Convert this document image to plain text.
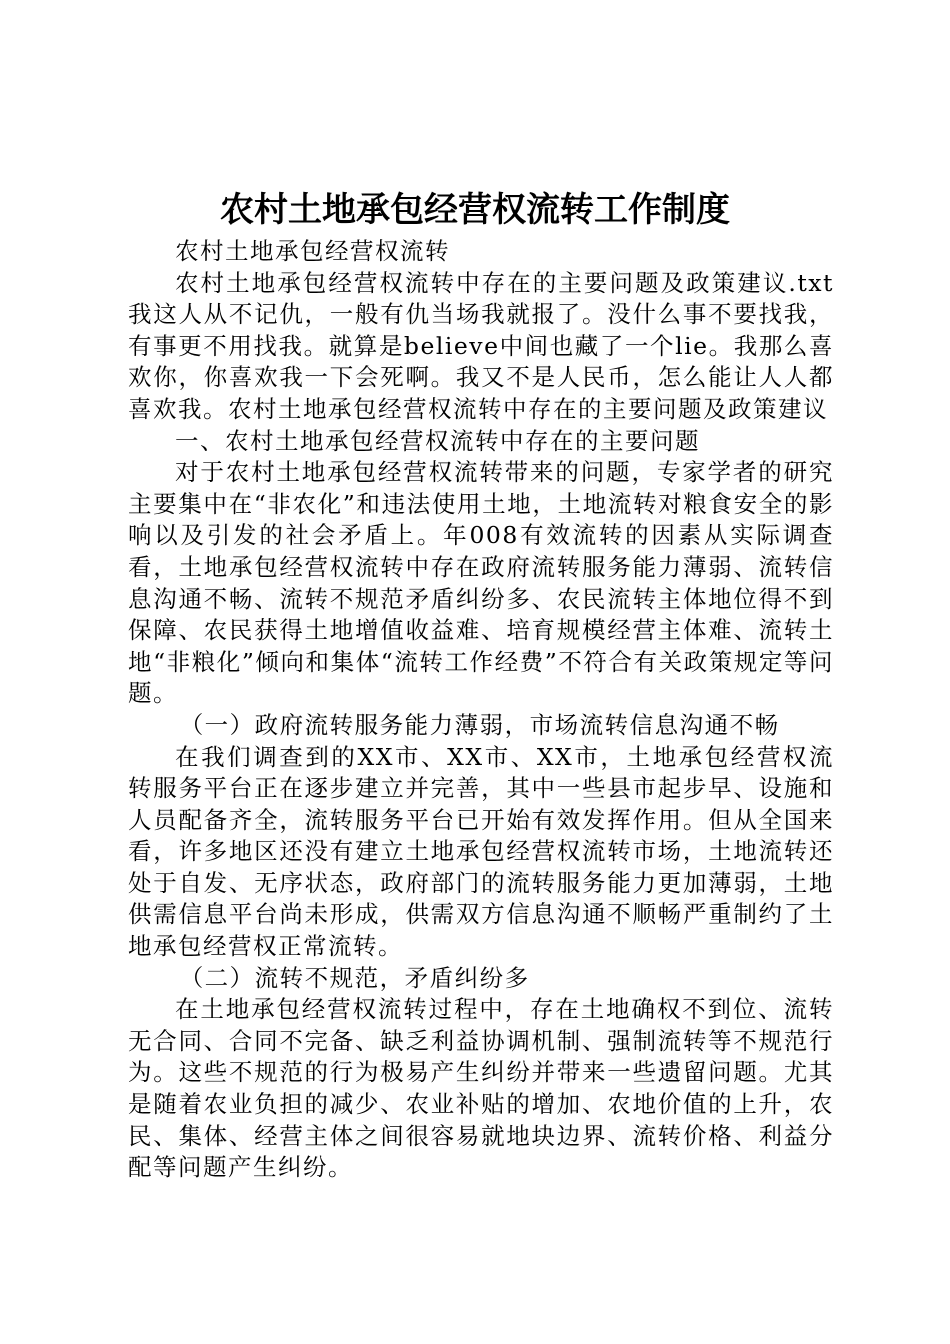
农村土地承包经营权流转工作制度

农村土地承包经营权流转

农村土地承包经营权流转中存在的主要问题及政策建议.txt我这人从不记仇，一般有仇当场我就报了。没什么事不要找我，有事更不用找我。就算是believe中间也藏了一个lie。我那么喜欢你，你喜欢我一下会死啊。我又不是人民币，怎么能让人人都喜欢我。农村土地承包经营权流转中存在的主要问题及政策建议

一、农村土地承包经营权流转中存在的主要问题

对于农村土地承包经营权流转带来的问题，专家学者的研究主要集中在“非农化”和违法使用土地，土地流转对粮食安全的影响以及引发的社会矛盾上。年008有效流转的因素从实际调查看，土地承包经营权流转中存在政府流转服务能力薄弱、流转信息沟通不畅、流转不规范矛盾纠纷多、农民流转主体地位得不到保障、农民获得土地增值收益难、培育规模经营主体难、流转土地“非粮化”倾向和集体“流转工作经费”不符合有关政策规定等问题。

（一）政府流转服务能力薄弱，市场流转信息沟通不畅

在我们调查到的XX市、XX市、XX市，土地承包经营权流转服务平台正在逐步建立并完善，其中一些县市起步早、设施和人员配备齐全，流转服务平台已开始有效发挥作用。但从全国来看，许多地区还没有建立土地承包经营权流转市场，土地流转还处于自发、无序状态，政府部门的流转服务能力更加薄弱，土地供需信息平台尚未形成，供需双方信息沟通不顺畅严重制约了土地承包经营权正常流转。

（二）流转不规范，矛盾纠纷多

在土地承包经营权流转过程中，存在土地确权不到位、流转无合同、合同不完备、缺乏利益协调机制、强制流转等不规范行为。这些不规范的行为极易产生纠纷并带来一些遗留问题。尤其是随着农业负担的减少、农业补贴的增加、农地价值的上升，农民、集体、经营主体之间很容易就地块边界、流转价格、利益分配等问题产生纠纷。
